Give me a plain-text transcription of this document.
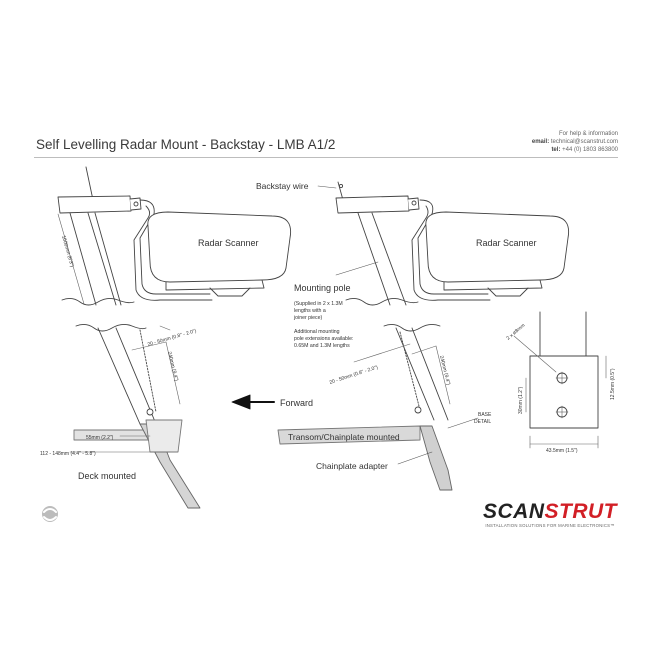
Self Levelling Radar Mount - Backstay - LMB A1/2
For help & information
email: technical@scanstrut.com
tel: +44 (0) 1803 863800
Radar Scanner
1600mm (6'3")
20 - 50mm (0.8" - 2.0")
240mm (9.4")
55mm (2.2")
112 - 148mm (4.4" - 5.8")
Deck mounted
Forward
Backstay wire
Radar Scanner
Mounting pole
(Supplied in 2 x 1.3M
lengths with a
joiner piece)
Additional mounting
pole extensions available:
0.65M and 1.3M lengths
20 - 50mm (0.8" - 2.0")	240mm (9.4")
BASE
DETAIL
Transom/Chainplate mounted
Chainplate adapter
2 x ø8mm
30mm (1.2")
12.5mm (0.5")
43.5mm (1.5")
SCANSTRUT
INSTALLATION SOLUTIONS FOR MARINE ELECTRONICS™
